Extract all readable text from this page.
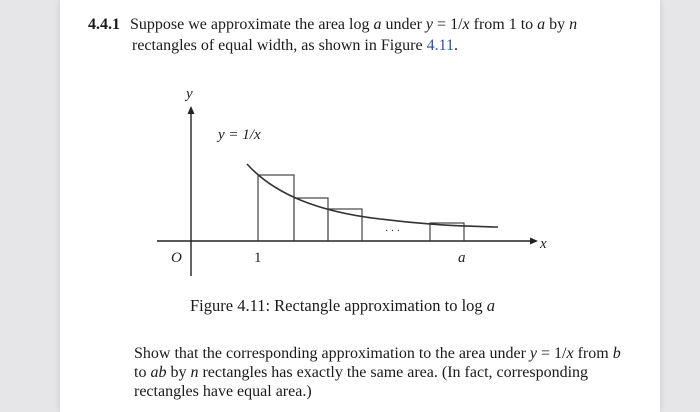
4.4.1 Suppose we approximate the area log a under y = 1/x from 1 to a by n
rectangles of equal width, as shown in Figure 4.11.
y
x
O
y = 1/x
1	a
· · ·
Figure 4.11: Rectangle approximation to log a
Show that the corresponding approximation to the area under y = 1/x from b to ab by n rectangles has exactly the same area. (In fact, corresponding rectangles have equal area.)
